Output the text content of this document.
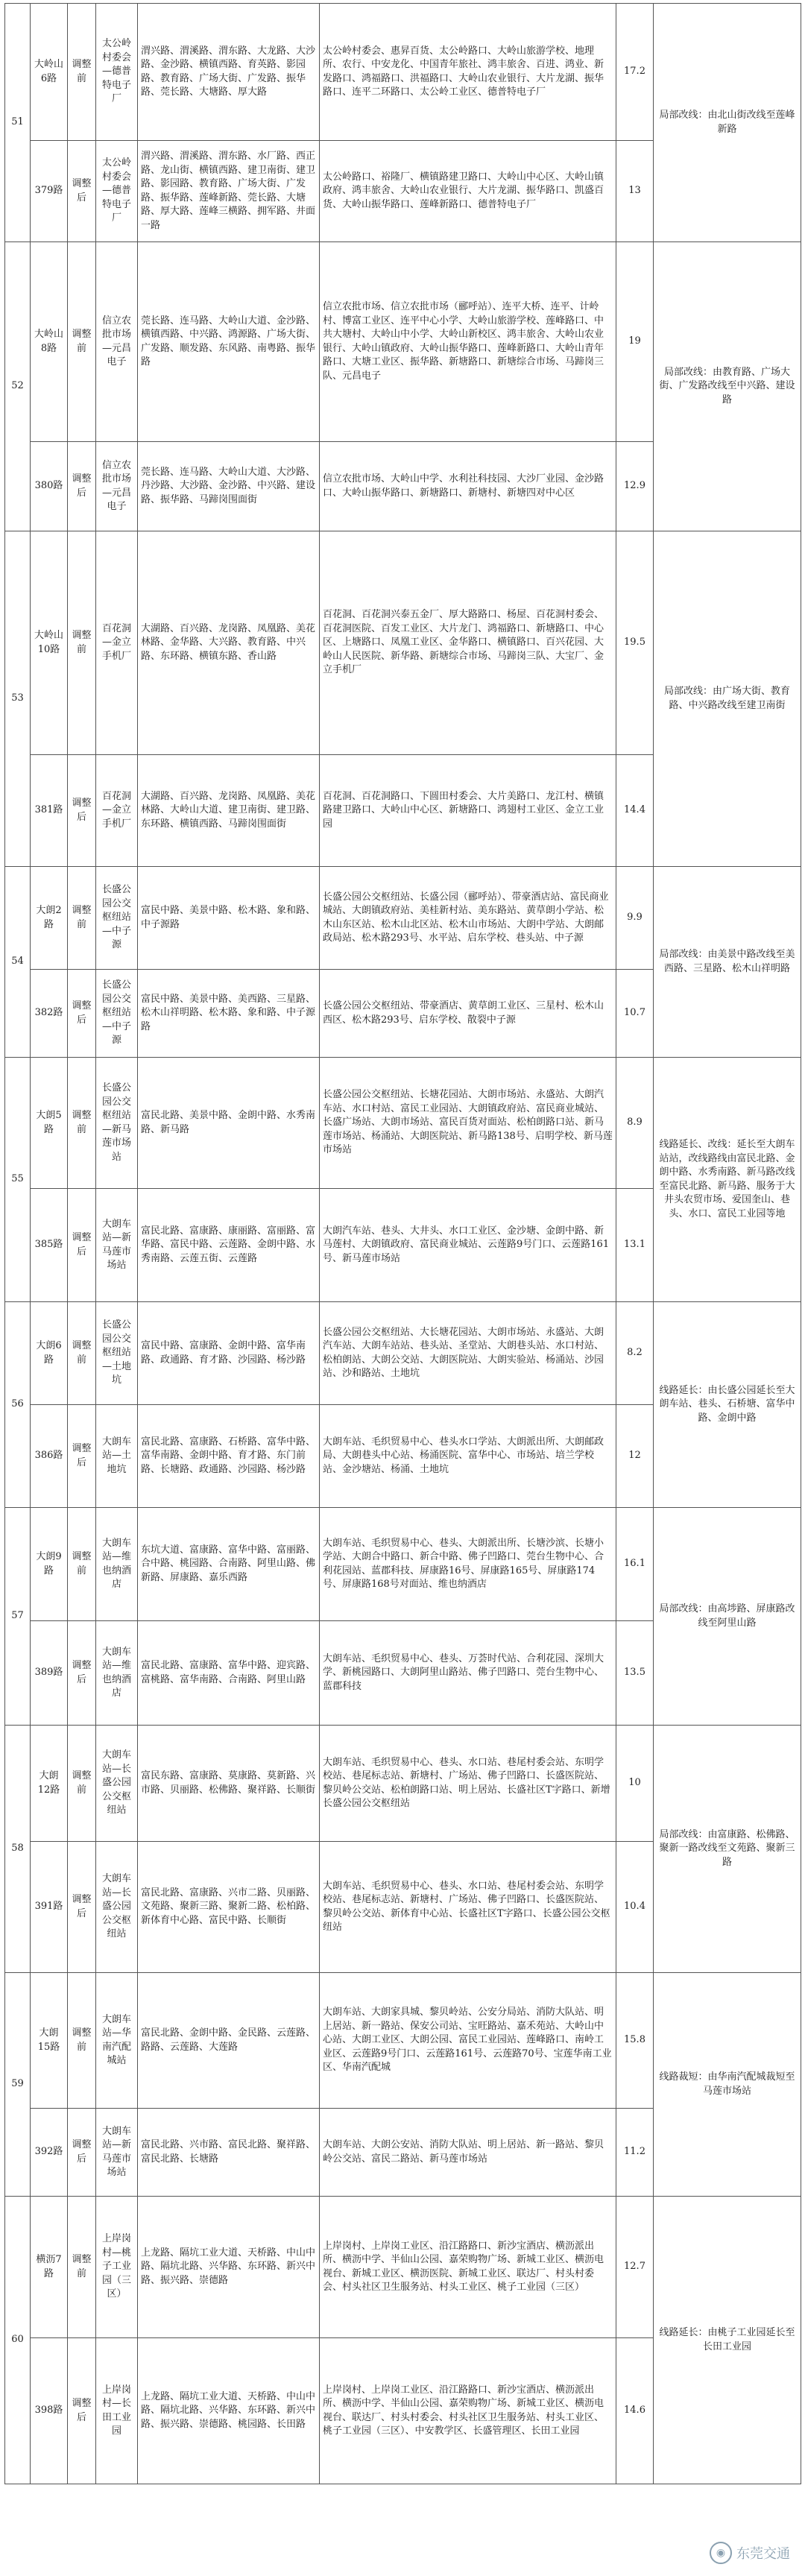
51	大岭山6路	调整前	太公岭村委会—德普特电子厂	渭兴路、渭溪路、渭东路、大龙路、大沙路、金沙路、横镇西路、育英路、影园路、教育路、广场大街、广发路、振华路、莞长路、大塘路、厚大路	太公岭村委会、惠昇百货、太公岭路口、大岭山旅游学校、地理所、农行、中安龙化、中国青年旅社、鸿丰旅舍、百进、鸿业、新发路口、鸿福路口、洪福路口、大岭山农业银行、大片龙湖、振华路口、连平二环路口、太公岭工业区、德普特电子厂	17.2	局部改线：由北山街改线至莲峰新路
	379路	调整后	太公岭村委会—德普特电子厂	渭兴路、渭溪路、渭东路、水厂路、西正路、龙山街、横镇西路、建卫南街、建卫路、影园路、教育路、广场大街、广发路、振华路、莲峰新路、莞长路、大塘路、厚大路、莲峰三横路、拥军路、井面一路	太公岭路口、裕隆厂、横镇路建卫路口、大岭山中心区、大岭山镇政府、鸿丰旅舍、大岭山农业银行、大片龙湖、振华路口、凯盛百货、大岭山振华路口、莲峰新路口、德普特电子厂	13	
52	大岭山8路	调整前	信立农批市场—元昌电子	莞长路、连马路、大岭山大道、金沙路、横镇西路、中兴路、鸿源路、广场大街、广发路、顺发路、东风路、南粤路、振华路	信立农批市场、信立农批市场（郦呼站）、连平大桥、连平、计岭村、博富工业区、连平中心小学、大岭山旅游学校、莲峰路口、中共大塘村、大岭山中小学、大岭山新校区、鸿丰旅舍、大岭山农业银行、大岭山镇政府、大岭山振华路口、莲峰新路口、大岭山青年路口、大塘工业区、振华路、新塘路口、新塘综合市场、马蹄岗三队、元昌电子	19	局部改线：由教育路、广场大街、广发路改线至中兴路、建设路
	380路	调整后	信立农批市场—元昌电子	莞长路、连马路、大岭山大道、大沙路、丹沙路、大沙路、金沙路、中兴路、建设路、振华路、马蹄岗围面街	信立农批市场、大岭山中学、水利社科技园、大沙厂业园、金沙路口、大岭山振华路口、新塘路口、新塘村、新塘四对中心区	12.9	
53	大岭山10路	调整前	百花洞—金立手机厂	大湖路、百兴路、龙岗路、凤凰路、美花林路、金华路、大兴路、教育路、中兴路、东环路、横镇东路、香山路	百花洞、百花洞兴泰五金厂、厚大路路口、杨屋、百花洞村委会、百花洞医院、百发工业区、大片龙门、鸿福路口、新塘路口、中心区、上塘路口、凤凰工业区、金华路口、横镇路口、百兴花园、大岭山人民医院、新华路、新塘综合市场、马蹄岗三队、大宝厂、金立手机厂	19.5	局部改线：由广场大街、教育路、中兴路改线至建卫南街
	381路	调整后	百花洞—金立手机厂	大湖路、百兴路、龙岗路、凤凰路、美花林路、大岭山大道、建卫南街、建卫路、东环路、横镇西路、马蹄岗围面街	百花洞、百花洞路口、下圆田村委会、大片美路口、龙江村、横镇路建卫路口、大岭山中心区、新塘路口、鸿翅村工业区、金立工业园	14.4	
54	大朗2路	调整前	长盛公园公交枢纽站—中子源	富民中路、美景中路、松木路、象和路、中子源路	长盛公园公交枢纽站、长盛公园（郦呼站）、带豪酒店站、富民商业城站、大朗镇政府站、美桂新村站、美东路站、黄草朗小学站、松木山东区站、松木山北区站、松木山市场站、大朗中学站、大朗邮政局站、松木路293号、水平站、启东学校、巷头站、中子源	9.9	局部改线：由美景中路改线至美西路、三星路、松木山祥明路
	382路	调整后	长盛公园公交枢纽站—中子源	富民中路、美景中路、美西路、三星路、松木山祥明路、松木路、象和路、中子源路	长盛公园公交枢纽站、带豪酒店、黄草朗工业区、三星村、松木山西区、松木路293号、启东学校、散裂中子源	10.7	
55	大朗5路	调整前	长盛公园公交枢纽站—新马莲市场站	富民北路、美景中路、金朗中路、水秀南路、新马路	长盛公园公交枢纽站、长塘花园站、大朗市场站、永盛站、大朗汽车站、水口村站、富民工业园站、大朗镇政府站、富民商业城站、长盛广场站、大朗市场站、富民百货对面站、松柏朗路口站、新马莲市场站、杨涌站、大朗医院站、新马路138号、启明学校、新马莲市场站	8.9	线路延长、改线：延长至大朗车站站，改线路线由富民北路、金朗中路、水秀南路、新马路改线至富民北路、新马路、服务于大井头农贸市场、爱国奎山、巷头、水口、富民工业园等地
	385路	调整后	大朗车站—新马莲市场站	富民北路、富康路、康丽路、富丽路、富华路、富民中路、云莲路、金朗中路、水秀南路、云莲五街、云莲路	大朗汽车站、巷头、大井头、水口工业区、金沙塘、金朗中路、新马莲村、大朗镇政府、富民商业城站、云莲路9号门口、云莲路161号、新马莲市场站	13.1	
56	大朗6路	调整前	长盛公园公交枢纽站—土地坑	富民中路、富康路、金朗中路、富华南路、政通路、育才路、沙园路、杨沙路	长盛公园公交枢纽站、大长塘花园站、大朗市场站、永盛站、大朗汽车站、大朗车站站、巷头站、圣堂站、大朗巷头站、水口村站、松柏朗站、大朗公交站、大朗医院站、大朗实验站、杨涌站、沙园站、沙和路站、土地坑	8.2	线路延长：由长盛公园延长至大朗车站、巷头、石桥塘、富华中路、金朗中路
	386路	调整后	大朗车站—土地坑	富民北路、富康路、石桥路、富华中路、富华南路、金朗中路、育才路、东门前路、长塘路、政通路、沙园路、杨沙路	大朗车站、毛织贸易中心、巷头水口学站、大朗派出所、大朗邮政局、大朗巷头中心站、杨涌医院、富华中心、市场站、培兰学校站、金沙塘站、杨涌、土地坑	12	
57	大朗9路	调整前	大朗车站—维也纳酒店	东坑大道、富康路、富华中路、富丽路、合中路、桃园路、合南路、阿里山路、佛新路、屏康路、嘉乐西路	大朗车站、毛织贸易中心、巷头、大朗派出所、长塘沙滨、长塘小学站、大朗合中路口、新合中路、佛子凹路口、莞台生物中心、合利花园站、蓝郡科技、屏康路16号、屏康路165号、屏康路174号、屏康路168号对面站、维也纳酒店	16.1	局部改线：由高埗路、屏康路改线至阿里山路
	389路	调整后	大朗车站—维也纳酒店	富民北路、富康路、富华中路、迎宾路、富桃路、富华南路、合南路、阿里山路	大朗车站、毛织贸易中心、巷头、万荟时代站、合利花园、深圳大学、新桃园路口、大朗阿里山路站、佛子凹路口、莞台生物中心、蓝郡科技	13.5	
58	大朗12路	调整前	大朗车站—长盛公园公交枢纽站	富民东路、富康路、莫康路、莫新路、兴市路、贝丽路、松佛路、聚祥路、长顺街	大朗车站、毛织贸易中心、巷头、水口站、巷尾村委会站、东明学校站、巷尾标志站、新塘村、广场站、佛子凹路口、长盛医院站、黎贝岭公交站、松柏朗路口站、明上居站、长盛社区T字路口、新增长盛公园公交枢纽站	10	局部改线：由富康路、松佛路、聚新一路改线至文苑路、聚新三路
	391路	调整后	大朗车站—长盛公园公交枢纽站	富民北路、富康路、兴市二路、贝丽路、文苑路、聚新三路、聚新二路、松柏路、新体育中心路、富民中路、长顺街	大朗车站、毛织贸易中心、巷头、水口站、巷尾村委会站、东明学校站、巷尾标志站、新塘村、广场站、佛子凹路口、长盛医院站、黎贝岭公交站、新体育中心站、长盛社区T字路口、长盛公园公交枢纽站	10.4	
59	大朗15路	调整前	大朗车站—华南汽配城站	富民北路、金朗中路、金民路、云莲路、路路、云莲路、大莲路	大朗车站、大朗家具城、黎贝岭站、公安分局站、消防大队站、明上居站、新一路站、保安公司站、宝旺路站、嘉禾苑站、大岭山中心站、大朗工业区、大朗公园、富民工业园站、莲峰路口、南岭工业区、云莲路9号门口、云莲路161号、云莲路70号、宝莲华南工业区、华南汽配城	15.8	线路裁短：由华南汽配城裁短至马莲市场站
	392路	调整后	大朗车站—新马莲市场站	富民北路、兴市路、富民北路、聚祥路、富民北路、长塘路	大朗车站、大朗公安站、消防大队站、明上居站、新一路站、黎贝岭公交站、富民二路站、新马莲市场站	11.2	
60	横沥7路	调整前	上岸岗村—桃子工业园（三区）	上龙路、隔坑工业大道、天桥路、中山中路、隔坑北路、兴华路、东环路、新兴中路、振兴路、崇德路	上岸岗村、上岸岗工业区、沿江路路口、新沙宝酒店、横沥派出所、横沥中学、半仙山公园、嘉荣购物广场、新城工业区、横沥电视台、新城工业区、横沥医院、新城工业区、联达厂、村头村委会、村头社区卫生服务站、村头工业区、桃子工业园（三区）	12.7	线路延长：由桃子工业园延长至长田工业园
	398路	调整后	上岸岗村—长田工业园	上龙路、隔坑工业大道、天桥路、中山中路、隔坑北路、兴华路、东环路、新兴中路、振兴路、崇德路、桃园路、长田路	上岸岗村、上岸岗工业区、沿江路路口、新沙宝酒店、横沥派出所、横沥中学、半仙山公园、嘉荣购物广场、新城工业区、横沥电视台、联达厂、村头村委会、村头社区卫生服务站、村头工业区、桃子工业园（三区）、中安教学区、长盛管理区、长田工业园	14.6	
◉ 东莞交通
